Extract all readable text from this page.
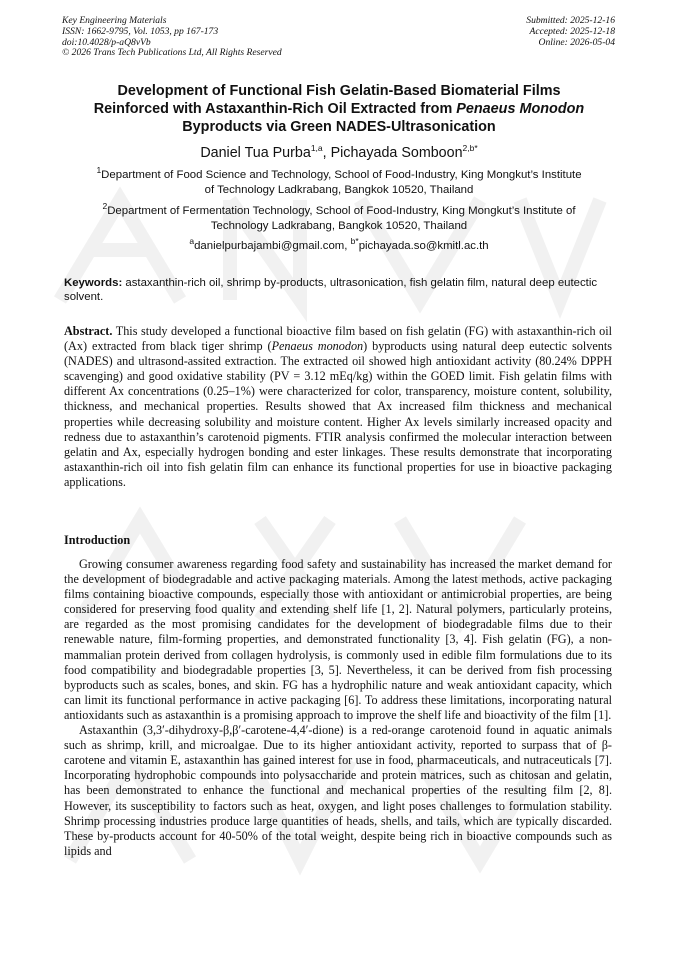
Key Engineering Materials
ISSN: 1662-9795, Vol. 1053, pp 167-173
doi:10.4028/p-aQ8vVb
© 2026 Trans Tech Publications Ltd, All Rights Reserved
Submitted: 2025-12-16
Accepted: 2025-12-18
Online: 2026-05-04
Development of Functional Fish Gelatin-Based Biomaterial Films
Reinforced with Astaxanthin-Rich Oil Extracted from Penaeus Monodon
Byproducts via Green NADES-Ultrasonication
Daniel Tua Purba$^{1,a}$, Pichayada Somboon$^{2,b*}$
$^1$Department of Food Science and Technology, School of Food-Industry, King Mongkut’s Institute
of Technology Ladkrabang, Bangkok 10520, Thailand
$^2$Department of Fermentation Technology, School of Food-Industry, King Mongkut’s Institute of
Technology Ladkrabang, Bangkok 10520, Thailand
$^a$danielpurbajambi@gmail.com, $^{b*}$pichayada.so@kmitl.ac.th
Keywords: astaxanthin-rich oil, shrimp by-products, ultrasonication, fish gelatin film, natural deep eutectic solvent.
Abstract. This study developed a functional bioactive film based on fish gelatin (FG) with astaxanthin-rich oil (Ax) extracted from black tiger shrimp (Penaeus monodon) byproducts using natural deep eutectic solvents (NADES) and ultrasond-assited extraction. The extracted oil showed high antioxidant activity (80.24% DPPH scavenging) and good oxidative stability (PV = 3.12 mEq/kg) within the GOED limit. Fish gelatin films with different Ax concentrations (0.25–1%) were characterized for color, transparency, moisture content, solubility, thickness, and mechanical properties. Results showed that Ax increased film thickness and mechanical properties while decreasing solubility and moisture content. Higher Ax levels similarly increased opacity and redness due to astaxanthin’s carotenoid pigments. FTIR analysis confirmed the molecular interaction between gelatin and Ax, especially hydrogen bonding and ester linkages. These results demonstrate that incorporating astaxanthin-rich oil into fish gelatin film can enhance its functional properties for use in bioactive packaging applications.
Introduction

Growing consumer awareness regarding food safety and sustainability has increased the market demand for the development of biodegradable and active packaging materials. Among the latest methods, active packaging films containing bioactive compounds, especially those with antioxidant or antimicrobial properties, are being considered for preserving food quality and extending shelf life [1, 2]. Natural polymers, particularly proteins, are regarded as the most promising candidates for the development of biodegradable films due to their renewable nature, film-forming properties, and demonstrated functionality [3, 4]. Fish gelatin (FG), a non-mammalian protein derived from collagen hydrolysis, is commonly used in edible film formulations due to its food compatibility and biodegradable properties [3, 5]. Nevertheless, it can be derived from fish processing byproducts such as scales, bones, and skin. FG has a hydrophilic nature and weak antioxidant capacity, which can limit its functional performance in active packaging [6]. To address these limitations, incorporating natural antioxidants such as astaxanthin is a promising approach to improve the shelf life and bioactivity of the film [1].

Astaxanthin (3,3′-dihydroxy-β,β′-carotene-4,4′-dione) is a red-orange carotenoid found in aquatic animals such as shrimp, krill, and microalgae. Due to its higher antioxidant activity, reported to surpass that of β-carotene and vitamin E, astaxanthin has gained interest for use in food, pharmaceuticals, and nutraceuticals [7]. Incorporating hydrophobic compounds into polysaccharide and protein matrices, such as chitosan and gelatin, has been demonstrated to enhance the functional and mechanical properties of the resulting film [2, 8]. However, its susceptibility to factors such as heat, oxygen, and light poses challenges to formulation stability. Shrimp processing industries produce large quantities of heads, shells, and tails, which are typically discarded. These by-products account for 40-50% of the total weight, despite being rich in bioactive compounds such as lipids and
